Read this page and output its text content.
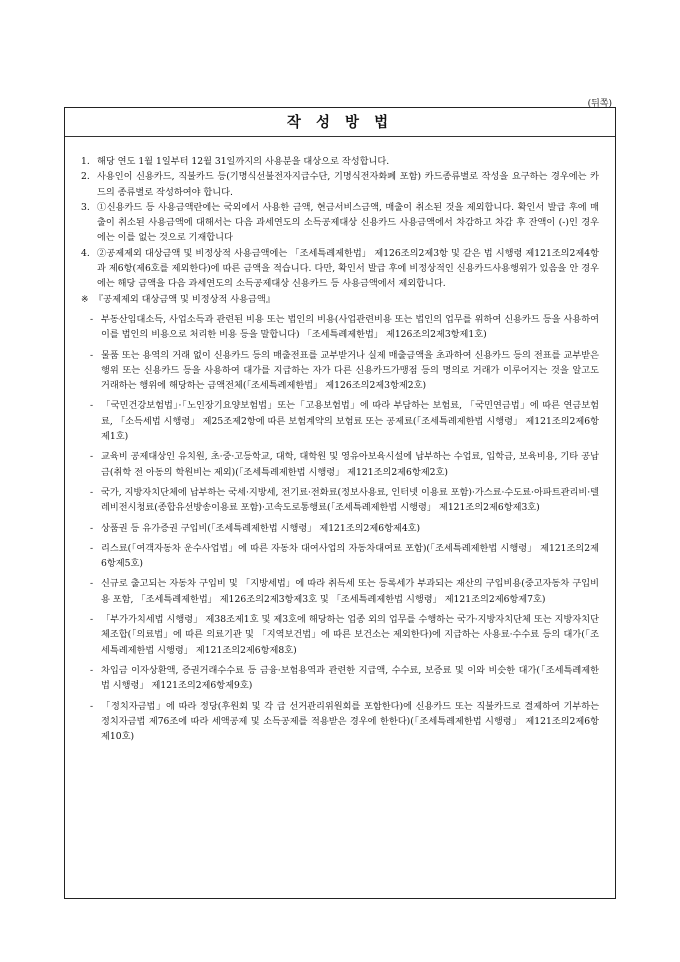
(뒤쪽)
작 성 방 법
1. 해당 연도 1월 1일부터 12월 31일까지의 사용분을 대상으로 작성합니다.
2. 사용인이 신용카드, 직불카드 등(기명식선불전자지급수단, 기명식전자화폐 포함) 카드종류별로 작성을 요구하는 경우에는 카드의 종류별로 작성하여야 합니다.
3. ①신용카드 등 사용금액란에는 국외에서 사용한 금액, 현금서비스금액, 매출이 취소된 것을 제외합니다. 확인서 발급 후에 매출이 취소된 사용금액에 대해서는 다음 과세연도의 소득공제대상 신용카드 사용금액에서 차감하고 차감 후 잔액이 (-)인 경우에는 이를 없는 것으로 기재합니다
4. ②공제제외 대상금액 및 비정상적 사용금액에는 「조세특례제한법」 제126조의2제3항 및 같은 법 시행령 제121조의2제4항과 제6항(제6호를 제외한다)에 따른 금액을 적습니다. 다만, 확인서 발급 후에 비정상적인 신용카드사용행위가 있음을 안 경우에는 해당 금액을 다음 과세연도의 소득공제대상 신용카드 등 사용금액에서 제외합니다.
※ 『공제제외 대상금액 및 비정상적 사용금액』
- 부동산임대소득, 사업소득과 관련된 비용 또는 법인의 비용(사업관련비용 또는 법인의 업무를 위하여 신용카드 등을 사용하여 이를 법인의 비용으로 처리한 비용 등을 말합니다) 「조세특례제한법」 제126조의2제3항제1호)
- 물품 또는 용역의 거래 없이 신용카드 등의 매출전표를 교부받거나 실제 매출금액을 초과하여 신용카드 등의 전표를 교부받은 행위 또는 신용카드 등을 사용하여 대가를 지급하는 자가 다른 신용카드가맹점 등의 명의로 거래가 이루어지는 것을 알고도 거래하는 행위에 해당하는 금액전체(「조세특례제한법」 제126조의2제3항제2호)
- 「국민건강보험법」·「노인장기요양보험법」또는「고용보험법」에 따라 부담하는 보험료, 「국민연금법」에 따른 연금보험료, 「소득세법 시행령」 제25조제2항에 따른 보험계약의 보험료 또는 공제료(「조세특례제한법 시행령」 제121조의2제6항제1호)
- 교육비 공제대상인 유치원, 초·중·고등학교, 대학, 대학원 및 영유아보육시설에 납부하는 수업료, 입학금, 보육비용, 기타 공납금(취학 전 아동의 학원비는 제외)(「조세특례제한법 시행령」 제121조의2제6항제2호)
- 국가, 지방자치단체에 납부하는 국세·지방세, 전기료·전화료(정보사용료, 인터넷 이용료 포함)·가스료·수도료·아파트관리비·텔레비전시청료(종합유선방송이용료 포함)·고속도로통행료(「조세특례제한법 시행령」 제121조의2제6항제3호)
- 상품권 등 유가증권 구입비(「조세특례제한법 시행령」 제121조의2제6항제4호)
- 리스료(「여객자동차 운수사업법」에 따른 자동차 대여사업의 자동차대여료 포함)(「조세특례제한법 시행령」 제121조의2제6항제5호)
- 신규로 출고되는 자동차 구입비 및 「지방세법」에 따라 취득세 또는 등록세가 부과되는 재산의 구입비용(중고자동차 구입비용 포함, 「조세특례제한법」 제126조의2제3항제3호 및 「조세특례제한법 시행령」 제121조의2제6항제7호)
- 「부가가치세법 시행령」 제38조제1호 및 제3호에 해당하는 업종 외의 업무를 수행하는 국가·지방자치단체 또는 지방자치단체조합(「의료법」에 따른 의료기관 및 「지역보건법」에 따른 보건소는 제외한다)에 지급하는 사용료·수수료 등의 대가(「조세특례제한법 시행령」 제121조의2제6항제8호)
- 차입금 이자상환액, 증권거래수수료 등 금융·보험용역과 관련한 지급액, 수수료, 보증료 및 이와 비슷한 대가(「조세특례제한법 시행령」 제121조의2제6항제9호)
- 「정치자금법」에 따라 정당(후원회 및 각 급 선거관리위원회를 포함한다)에 신용카드 또는 직불카드로 결제하여 기부하는 정치자금법 제76조에 따라 세액공제 및 소득공제를 적용받은 경우에 한한다)(「조세특례제한법 시행령」 제121조의2제6항제10호)
